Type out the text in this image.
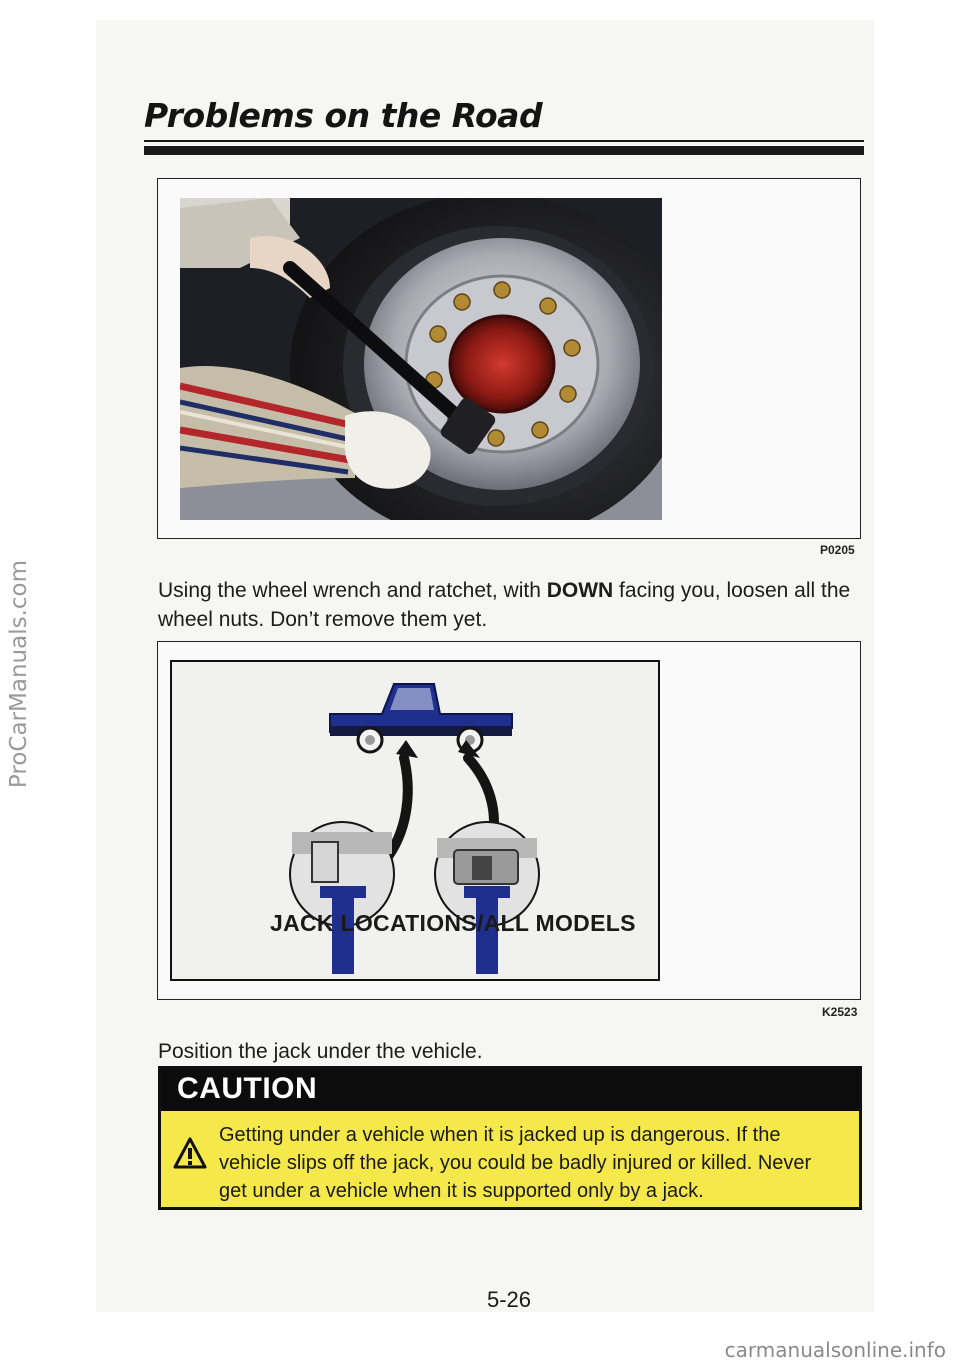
ProCarManuals.com
Problems on the Road
P0205
Using the wheel wrench and ratchet, with DOWN facing you, loosen all the wheel nuts. Don’t remove them yet.
JACK LOCATIONS/ALL MODELS
K2523
Position the jack under the vehicle.
CAUTION
Getting under a vehicle when it is jacked up is dangerous. If the vehicle slips off the jack, you could be badly injured or killed. Never get under a vehicle when it is supported only by a jack.
5-26
carmanualsonline.info
